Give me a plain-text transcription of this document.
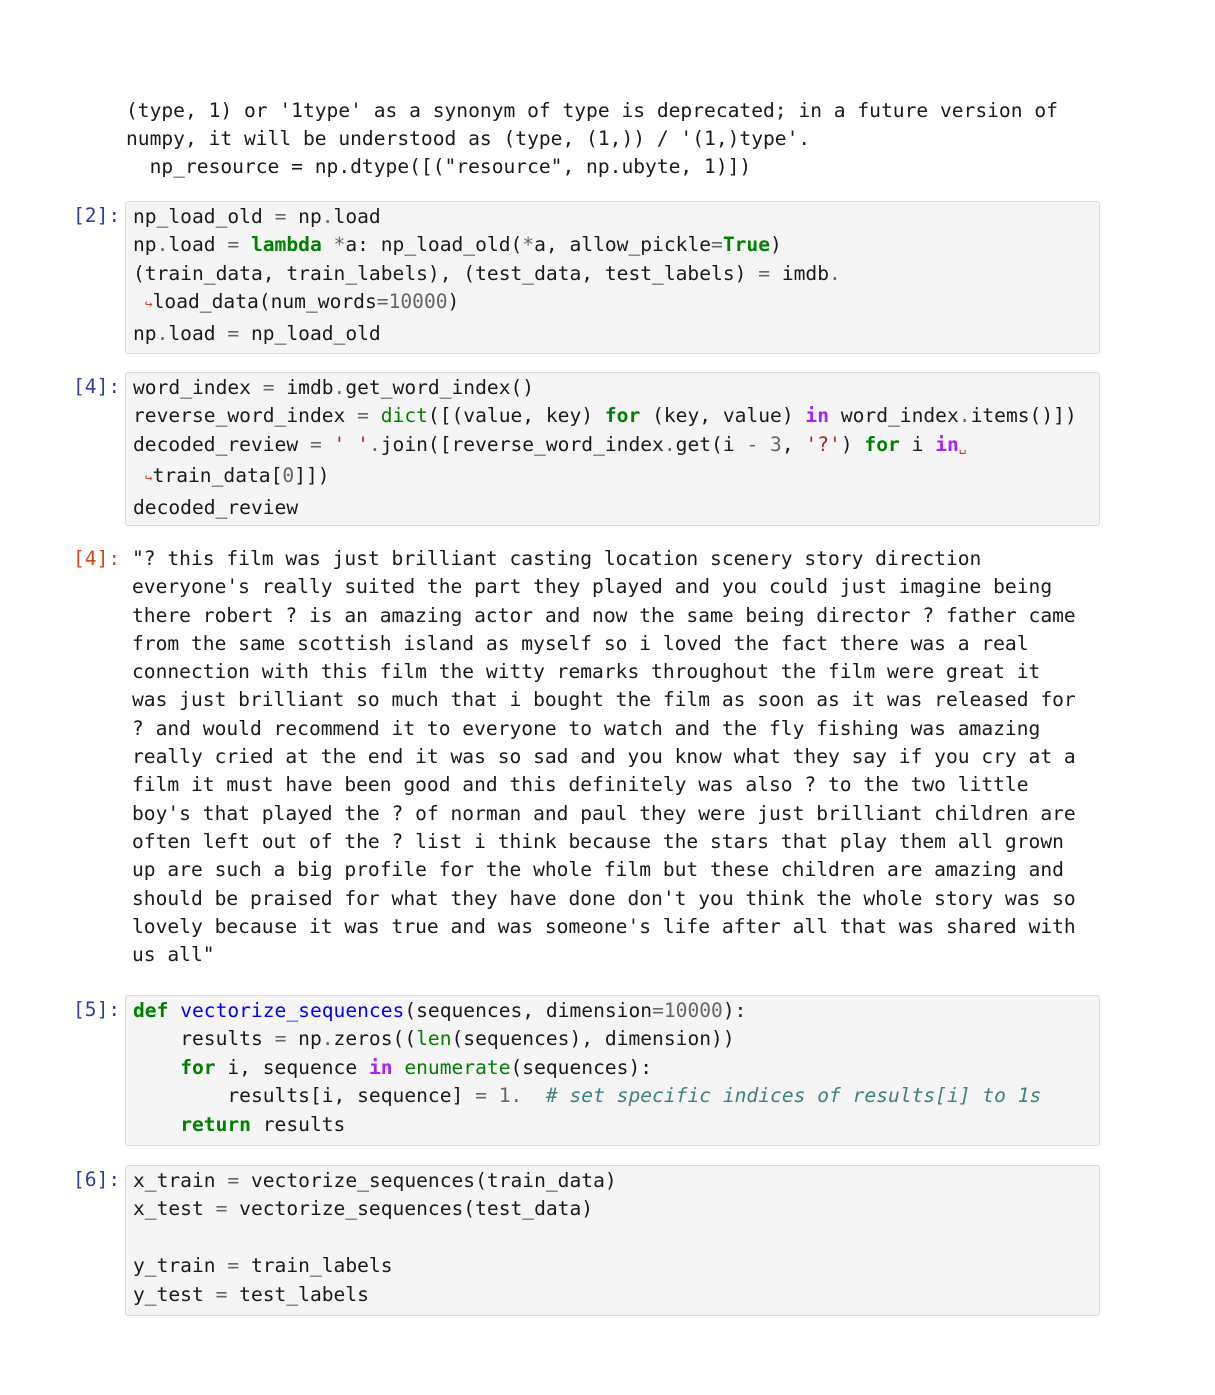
(type, 1) or '1type' as a synonym of type is deprecated; in a future version of
numpy, it will be understood as (type, (1,)) / '(1,)type'.
np_resource = np.dtype([("resource", np.ubyte, 1)])
[2]: np_load_old = np.load
np.load = lambda *a: np_load_old(*a, allow_pickle=True)
(train_data, train_labels), (test_data, test_labels) = imdb.
↪load_data(num_words=10000)
np.load = np_load_old
[4]: word_index = imdb.get_word_index()
reverse_word_index = dict([(value, key) for (key, value) in word_index.items()])
decoded_review = ' '.join([reverse_word_index.get(i - 3, '?') for i in␣
↪train_data[0]])
decoded_review
[4]: "? this film was just brilliant casting location scenery story direction
everyone's really suited the part they played and you could just imagine being
there robert ? is an amazing actor and now the same being director ? father came
from the same scottish island as myself so i loved the fact there was a real
connection with this film the witty remarks throughout the film were great it
was just brilliant so much that i bought the film as soon as it was released for
? and would recommend it to everyone to watch and the fly fishing was amazing
really cried at the end it was so sad and you know what they say if you cry at a
film it must have been good and this definitely was also ? to the two little
boy's that played the ? of norman and paul they were just brilliant children are
often left out of the ? list i think because the stars that play them all grown
up are such a big profile for the whole film but these children are amazing and
should be praised for what they have done don't you think the whole story was so
lovely because it was true and was someone's life after all that was shared with
us all"
[5]: def vectorize_sequences(sequences, dimension=10000):
results = np.zeros((len(sequences), dimension))
for i, sequence in enumerate(sequences):
results[i, sequence] = 1. # set specific indices of results[i] to 1s
return results
[6]: x_train = vectorize_sequences(train_data)
x_test = vectorize_sequences(test_data)

y_train = train_labels
y_test = test_labels
